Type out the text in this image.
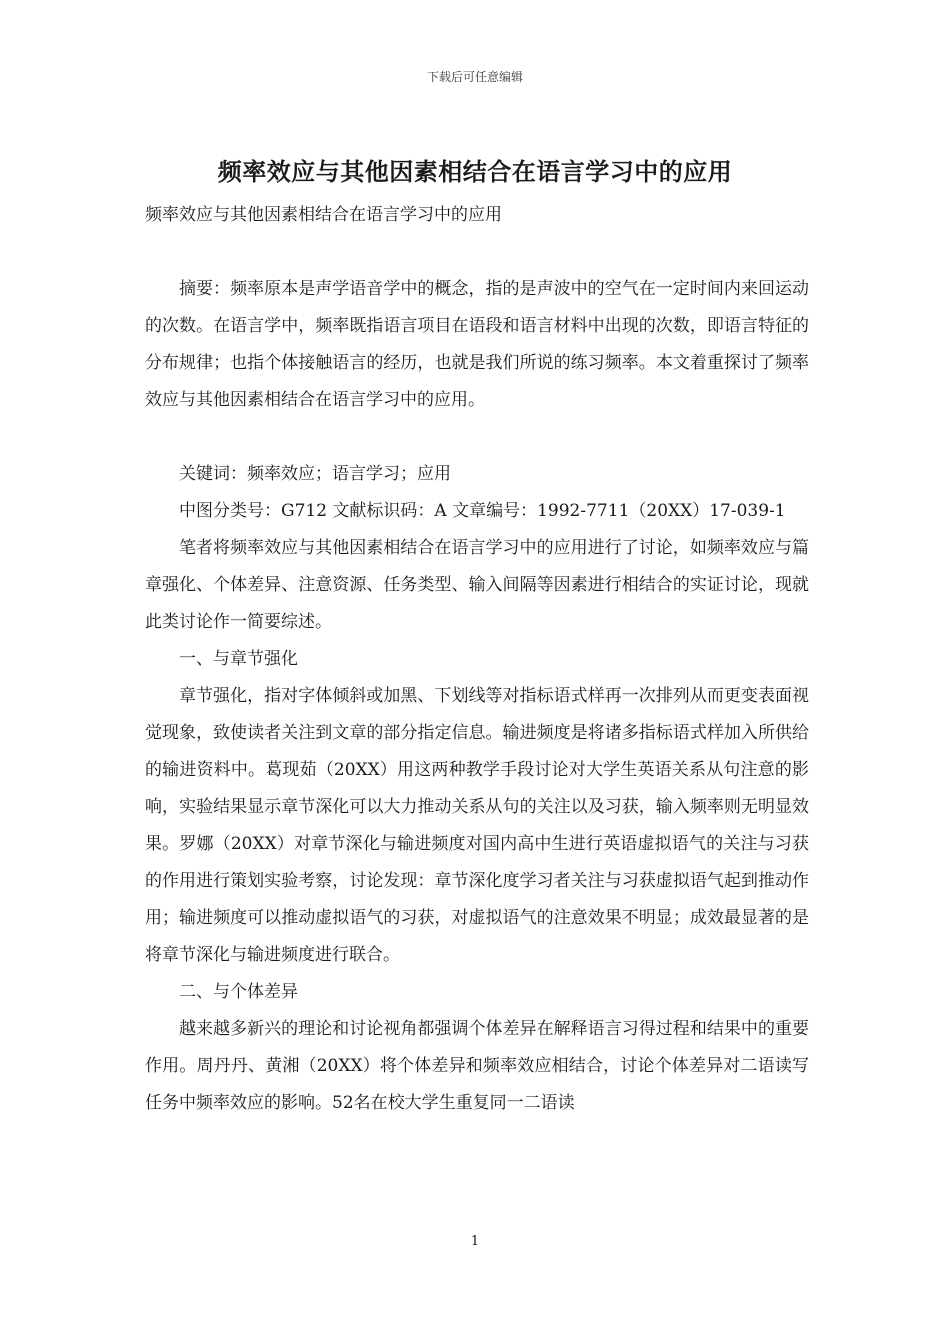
下载后可任意编辑
频率效应与其他因素相结合在语言学习中的应用

频率效应与其他因素相结合在语言学习中的应用

摘要：频率原本是声学语音学中的概念，指的是声波中的空气在一定时间内来回运动的次数。在语言学中，频率既指语言项目在语段和语言材料中出现的次数，即语言特征的分布规律；也指个体接触语言的经历，也就是我们所说的练习频率。本文着重探讨了频率效应与其他因素相结合在语言学习中的应用。

关键词：频率效应；语言学习；应用

中图分类号：G712 文献标识码：A 文章编号：1992-7711（20XX）17-039-1

笔者将频率效应与其他因素相结合在语言学习中的应用进行了讨论，如频率效应与篇章强化、个体差异、注意资源、任务类型、输入间隔等因素进行相结合的实证讨论，现就此类讨论作一简要综述。

一、与章节强化

章节强化，指对字体倾斜或加黑、下划线等对指标语式样再一次排列从而更变表面视觉现象，致使读者关注到文章的部分指定信息。输进频度是将诸多指标语式样加入所供给的输进资料中。葛现茹（20XX）用这两种教学手段讨论对大学生英语关系从句注意的影响，实验结果显示章节深化可以大力推动关系从句的关注以及习获，输入频率则无明显效果。罗娜（20XX）对章节深化与输进频度对国内高中生进行英语虚拟语气的关注与习获的作用进行策划实验考察，讨论发现：章节深化度学习者关注与习获虚拟语气起到推动作用；输进频度可以推动虚拟语气的习获，对虚拟语气的注意效果不明显；成效最显著的是将章节深化与输进频度进行联合。

二、与个体差异

越来越多新兴的理论和讨论视角都强调个体差异在解释语言习得过程和结果中的重要作用。周丹丹、黄湘（20XX）将个体差异和频率效应相结合，讨论个体差异对二语读写任务中频率效应的影响。52名在校大学生重复同一二语读

1
